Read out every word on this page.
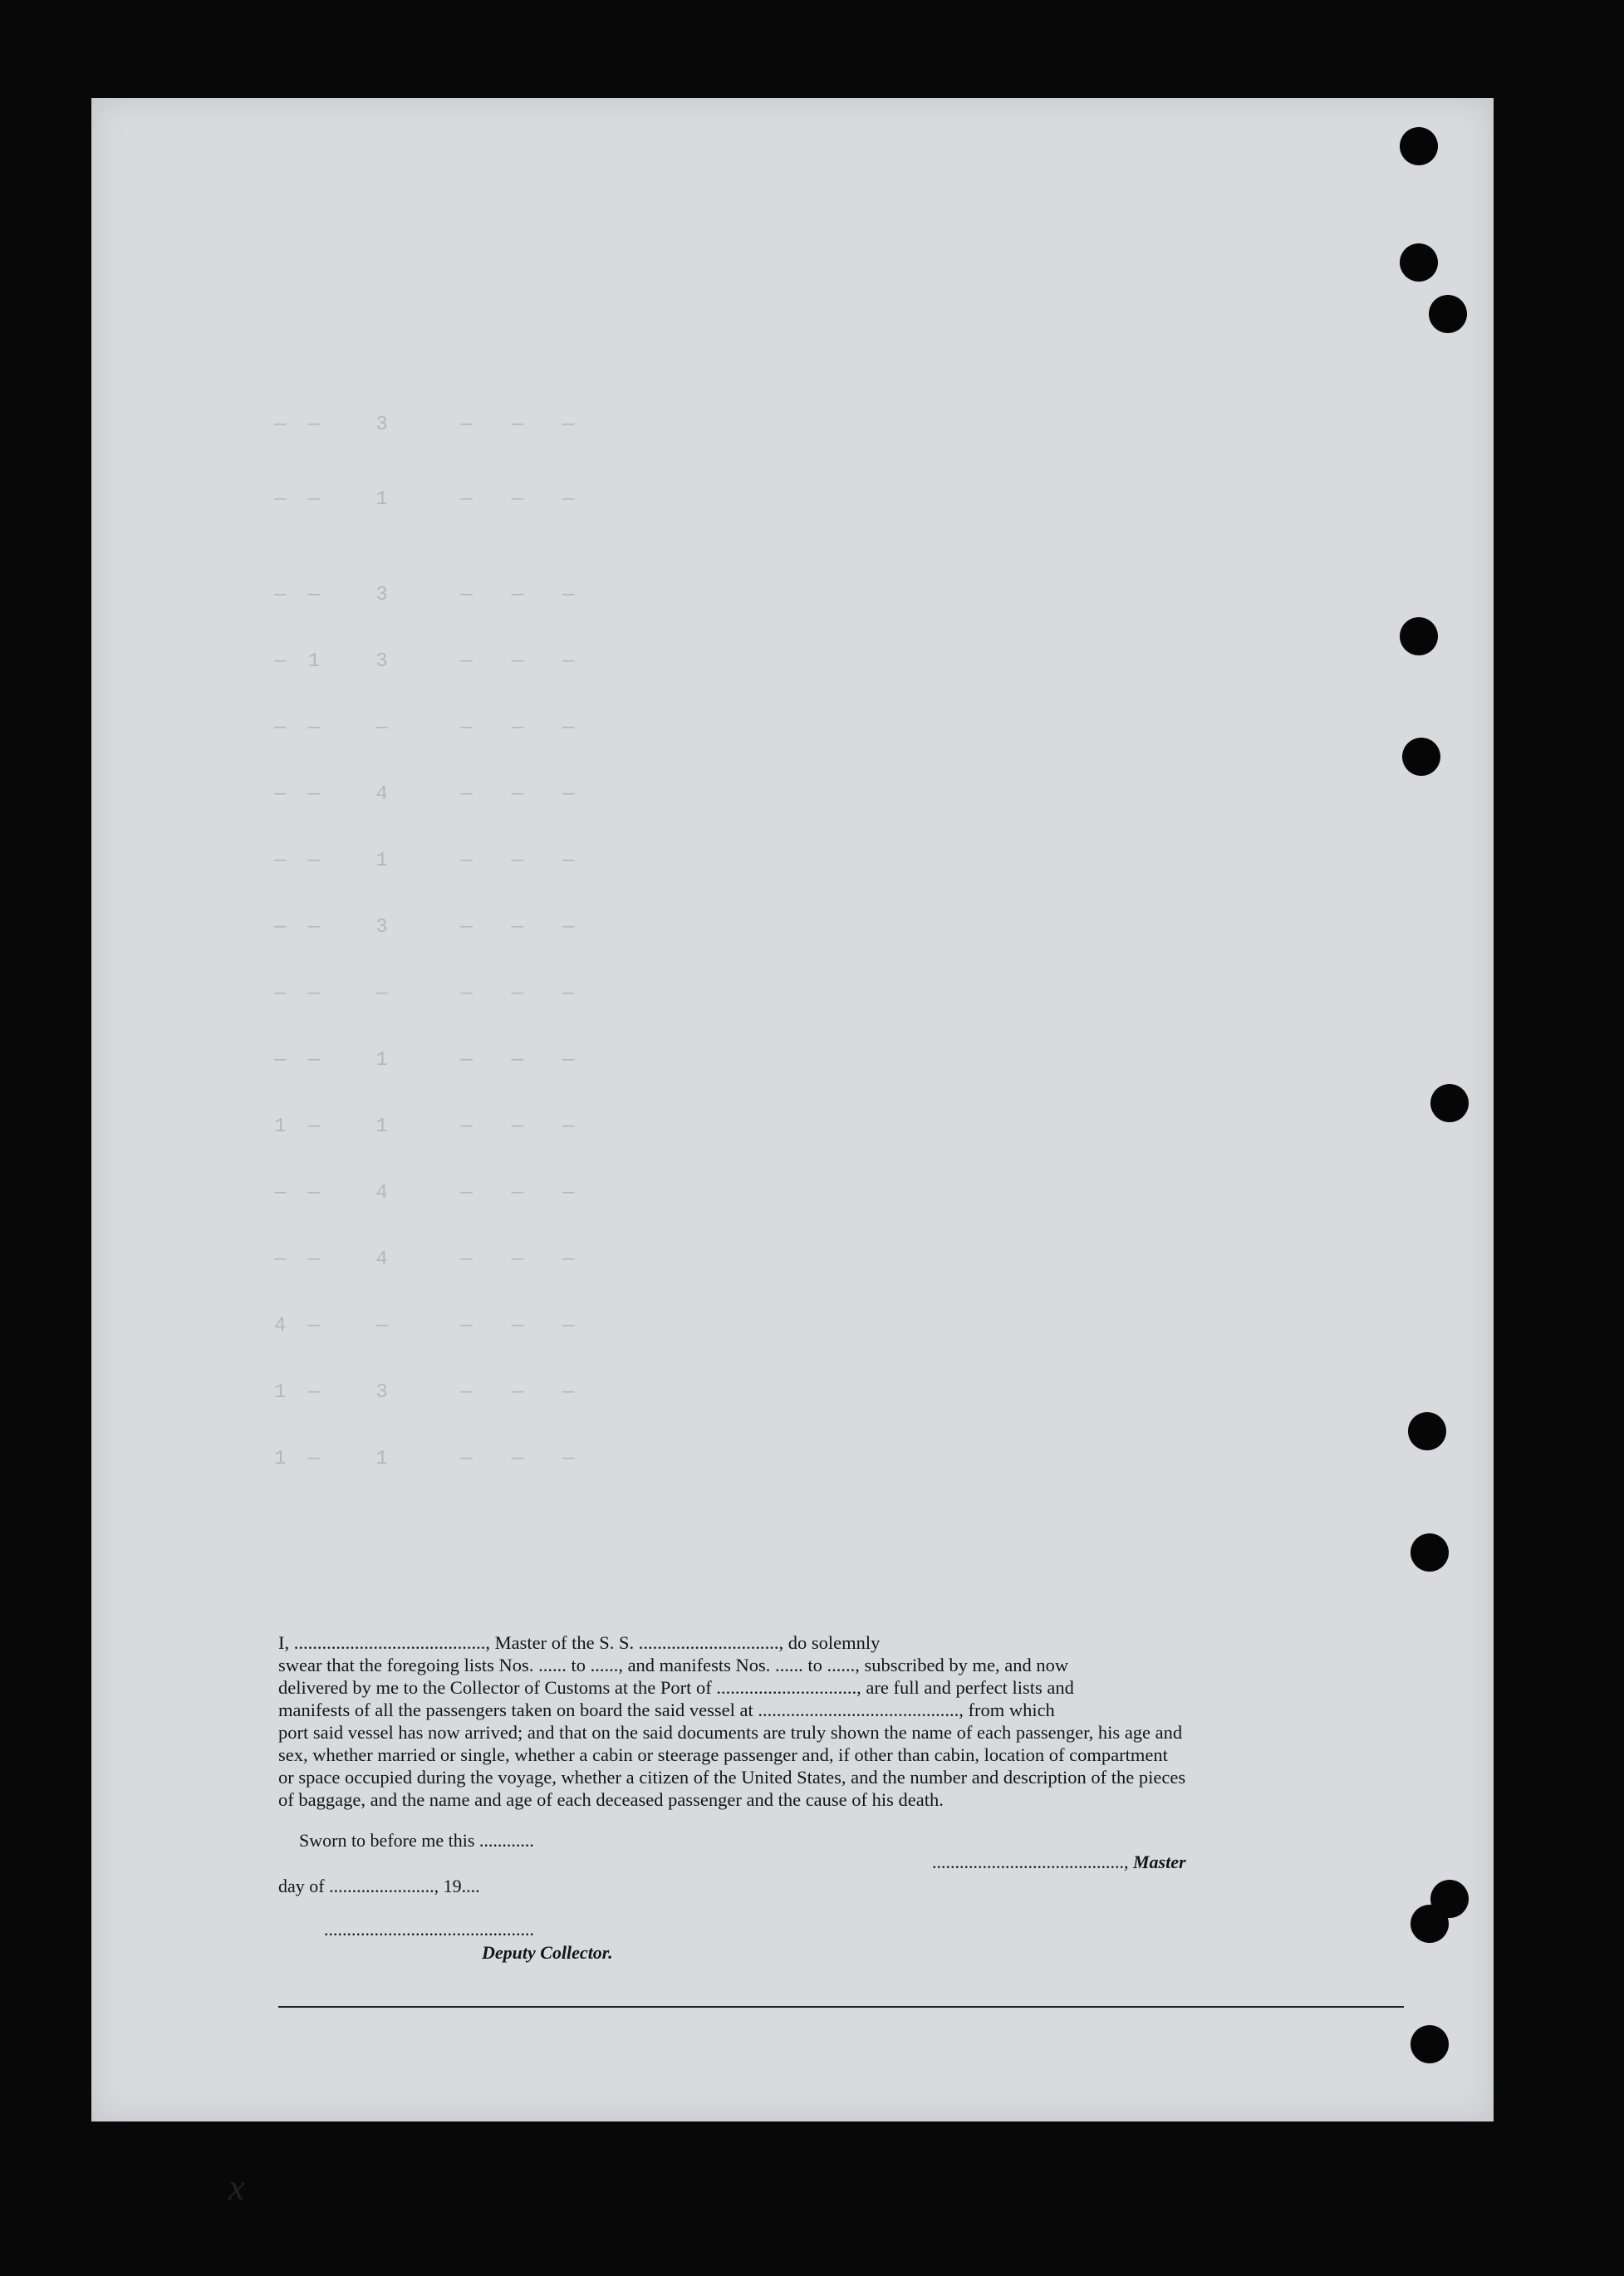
— —   3    —  —  —
— —   1    —  —  —
— —   3    —  —  —
— 1   3    —  —  —
— —   —    —  —  —
— —   4    —  —  —
— —   1    —  —  —
— —   3    —  —  —
— —   —    —  —  —
— —   1    —  —  —
1 —   1    —  —  —
— —   4    —  —  —
— —   4    —  —  —
4 —   —    —  —  —
1 —   3    —  —  —
1 —   1    —  —  —

I, ........................................., Master of the S. S. .............................., do solemnly

swear that the foregoing lists Nos. ...... to ......, and manifests Nos. ...... to ......, subscribed by me, and now

delivered by me to the Collector of Customs at the Port of .............................., are full and perfect lists and

manifests of all the passengers taken on board the said vessel at ..........................................., from which

port said vessel has now arrived; and that on the said documents are truly shown the name of each passenger, his age and

sex, whether married or single, whether a cabin or steerage passenger and, if other than cabin, location of compartment

or space occupied during the voyage, whether a citizen of the United States, and the number and description of the pieces

of baggage, and the name and age of each deceased passenger and the cause of his death.

Sworn to before me this ............

.........................................., Master

day of ......................., 19....
..............................................
Deputy Collector.
x
